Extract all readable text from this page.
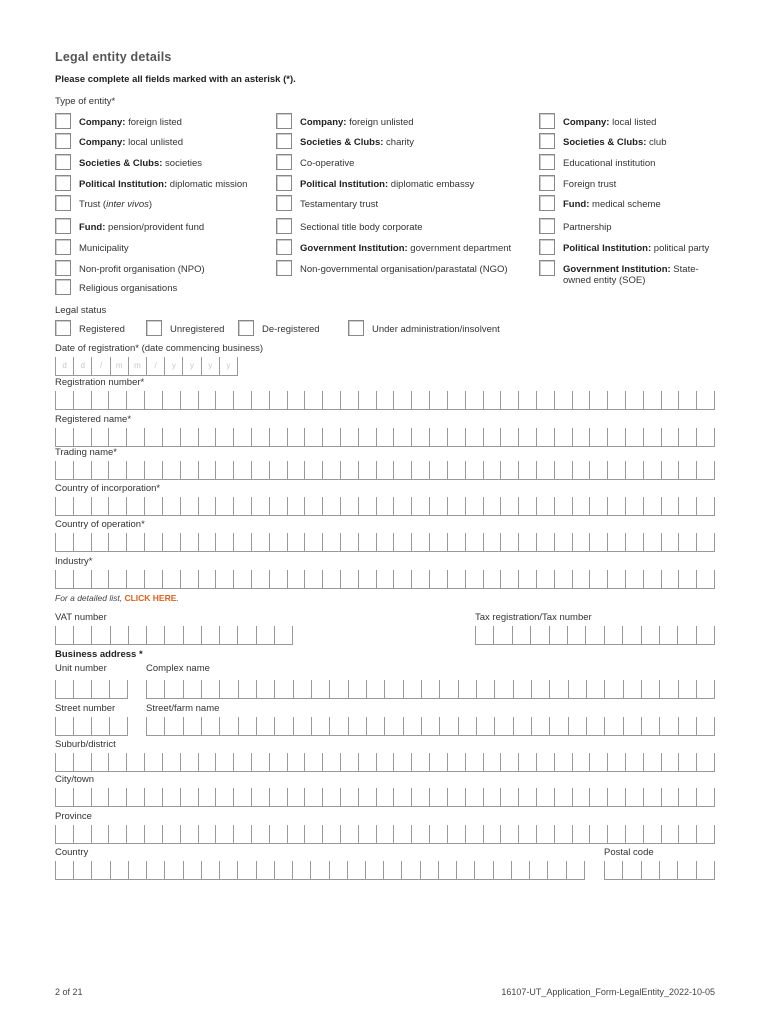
Legal entity details
Please complete all fields marked with an asterisk (*).
Type of entity*
Company: foreign listed	Company: foreign unlisted	Company: local listed
Company: local unlisted	Societies & Clubs: charity	Societies & Clubs: club
Societies & Clubs: societies	Co-operative	Educational institution
Political Institution: diplomatic mission	Political Institution: diplomatic embassy	Foreign trust
Trust (inter vivos)	Testamentary trust	Fund: medical scheme
Fund: pension/provident fund	Sectional title body corporate	Partnership
Municipality	Government Institution: government department	Political Institution: political party
Non-profit organisation (NPO)	Non-governmental organisation/parastatal (NGO)	Government Institution: State-owned entity (SOE)
Religious organisations
Legal status
Registered	Unregistered	De-registered	Under administration/insolvent
Date of registration* (date commencing business)
d	d	/	m	m	/	y	y	y	y
Registration number*
Registered name*
Trading name*
Country of incorporation*
Country of operation*
Industry*
For a detailed list, CLICK HERE.
VAT number	Tax registration/Tax number
Business address *
Unit number	Complex name
Street number	Street/farm name
Suburb/district
City/town
Province
Country	Postal code
2 of 21	16107-UT_Application_Form-LegalEntity_2022-10-05
